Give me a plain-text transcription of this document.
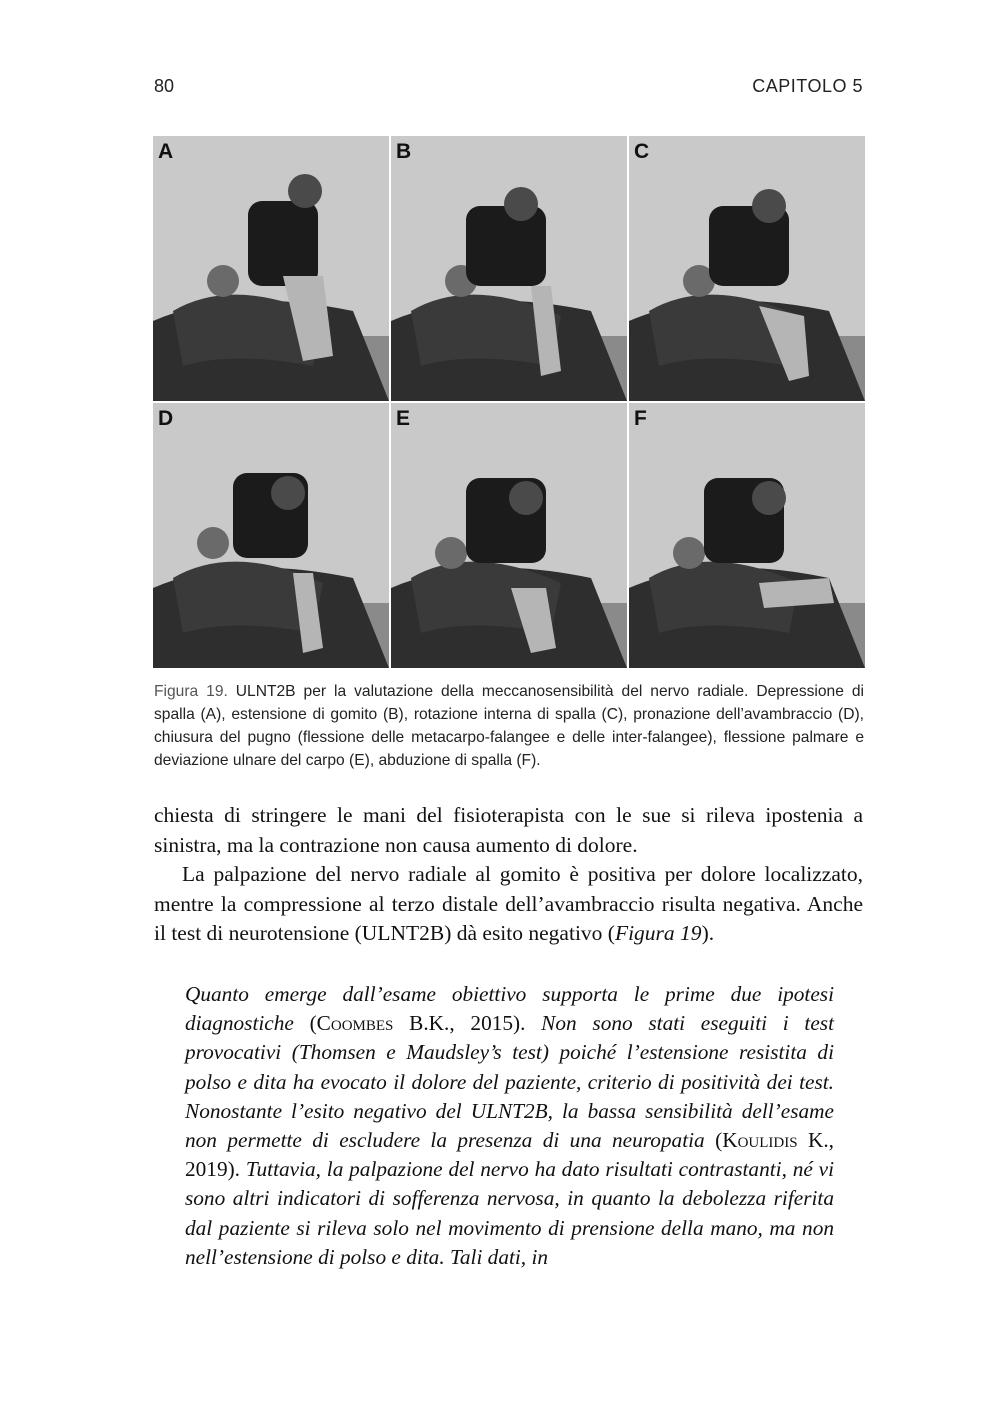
80	CAPITOLO 5
A	B	C
D	E	F
Figura 19. ULNT2B per la valutazione della meccanosensibilità del nervo radiale. Depressione di spalla (A), estensione di gomito (B), rotazione interna di spalla (C), pronazione dell’avambraccio (D), chiusura del pugno (flessione delle metacarpo-falangee e delle inter-falangee), flessione palmare e deviazione ulnare del carpo (E), abduzione di spalla (F).
chiesta di stringere le mani del fisioterapista con le sue si rileva ipostenia a sinistra, ma la contrazione non causa aumento di dolore.
La palpazione del nervo radiale al gomito è positiva per dolore localizzato, mentre la compressione al terzo distale dell’avambraccio risulta negativa. Anche il test di neurotensione (ULNT2B) dà esito negativo (Figura 19).
Quanto emerge dall’esame obiettivo supporta le prime due ipotesi diagnostiche (Coombes B.K., 2015). Non sono stati eseguiti i test provocativi (Thomsen e Maudsley’s test) poiché l’estensione resistita di polso e dita ha evocato il dolore del paziente, criterio di positività dei test. Nonostante l’esito negativo del ULNT2B, la bassa sensibilità dell’esame non permette di escludere la presenza di una neuropatia (Koulidis K., 2019). Tuttavia, la palpazione del nervo ha dato risultati contrastanti, né vi sono altri indicatori di sofferenza nervosa, in quanto la debolezza riferita dal paziente si rileva solo nel movimento di prensione della mano, ma non nell’estensione di polso e dita. Tali dati, in
